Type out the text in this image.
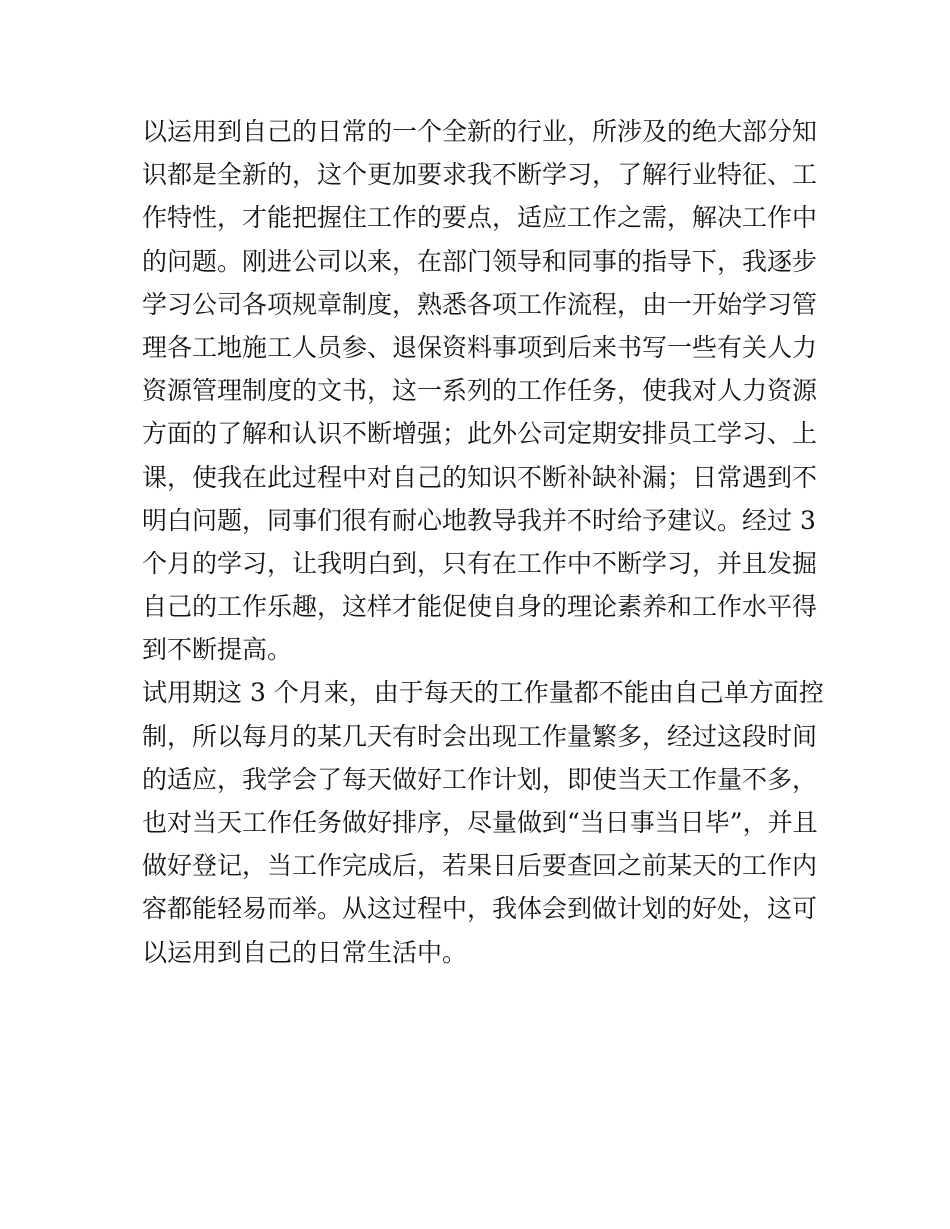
以运用到自己的日常的一个全新的行业，所涉及的绝大部分知
识都是全新的，这个更加要求我不断学习，了解行业特征、工
作特性，才能把握住工作的要点，适应工作之需，解决工作中
的问题。刚进公司以来，在部门领导和同事的指导下，我逐步
学习公司各项规章制度，熟悉各项工作流程，由一开始学习管
理各工地施工人员参、退保资料事项到后来书写一些有关人力
资源管理制度的文书，这一系列的工作任务，使我对人力资源
方面的了解和认识不断增强；此外公司定期安排员工学习、上
课，使我在此过程中对自己的知识不断补缺补漏；日常遇到不
明白问题，同事们很有耐心地教导我并不时给予建议。经过 3
个月的学习，让我明白到，只有在工作中不断学习，并且发掘
自己的工作乐趣，这样才能促使自身的理论素养和工作水平得
到不断提高。
试用期这 3 个月来，由于每天的工作量都不能由自己单方面控
制，所以每月的某几天有时会出现工作量繁多，经过这段时间
的适应，我学会了每天做好工作计划，即使当天工作量不多，
也对当天工作任务做好排序，尽量做到“当日事当日毕”，并且
做好登记，当工作完成后，若果日后要查回之前某天的工作内
容都能轻易而举。从这过程中，我体会到做计划的好处，这可
以运用到自己的日常生活中。
